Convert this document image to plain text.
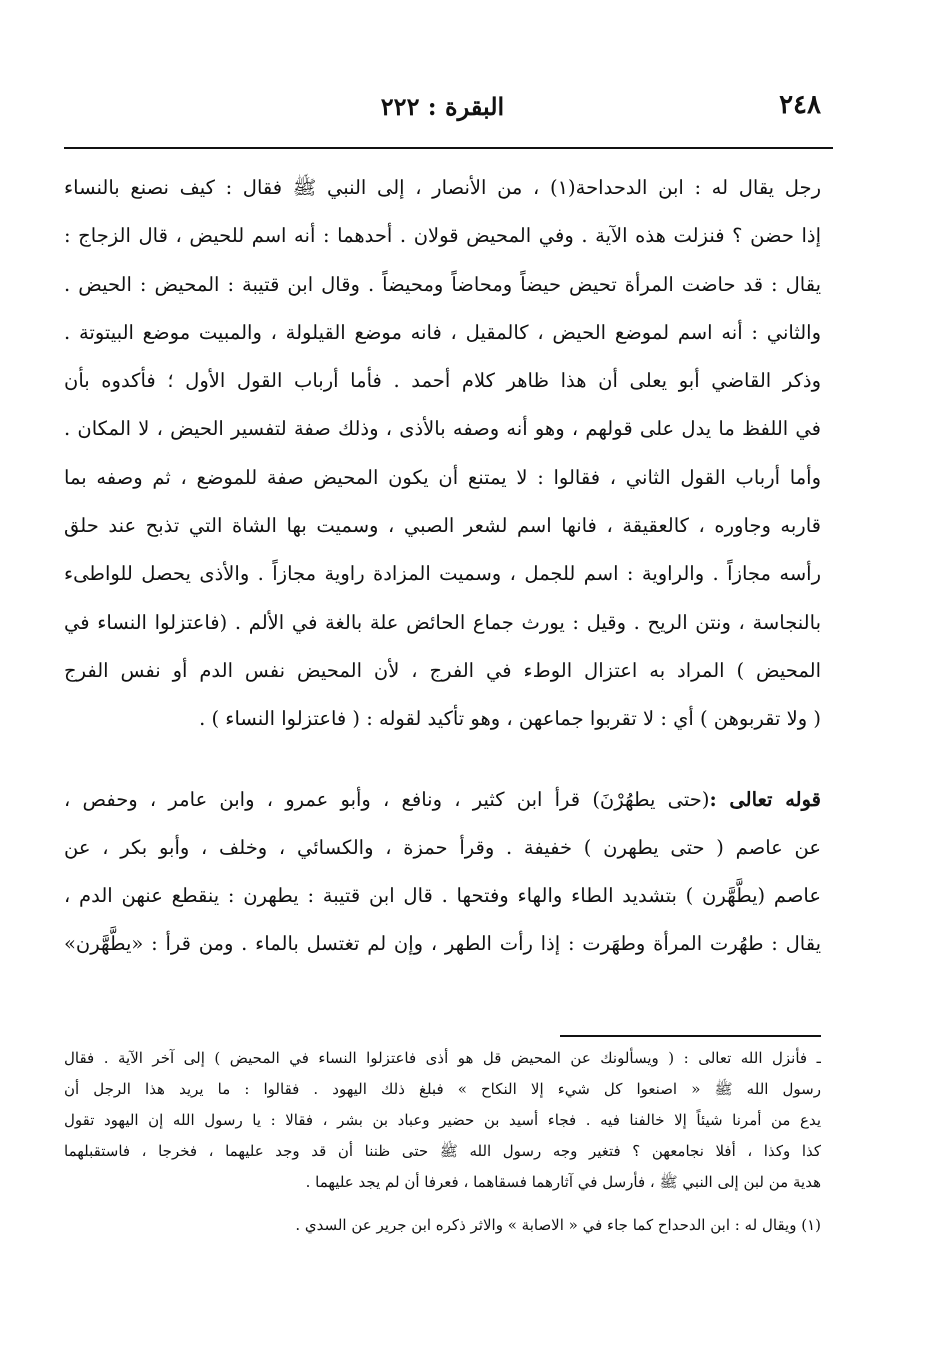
٢٤٨
البقرة : ٢٢٢
رجل يقال له : ابن الدحداحة(١) ، من الأنصار ، إلى النبي ﷺ فقال : كيف نصنع بالنساء
إذا حضن ؟ فنزلت هذه الآية . وفي المحيض قولان . أحدهما : أنه اسم للحيض ، قال الزجاج :
يقال : قد حاضت المرأة تحيض حيضاً ومحاضاً ومحيضاً . وقال ابن قتيبة : المحيض : الحيض .
والثاني : أنه اسم لموضع الحيض ، كالمقيل ، فانه موضع القيلولة ، والمبيت موضع البيتوتة .
وذكر القاضي أبو يعلى أن هذا ظاهر كلام أحمد . فأما أرباب القول الأول ؛ فأكدوه بأن
في اللفظ ما يدل على قولهم ، وهو أنه وصفه بالأذى ، وذلك صفة لتفسير الحيض ، لا المكان .
وأما أرباب القول الثاني ، فقالوا : لا يمتنع أن يكون المحيض صفة للموضع ، ثم وصفه بما
قاربه وجاوره ، كالعقيقة ، فانها اسم لشعر الصبي ، وسميت بها الشاة التي تذبح عند حلق
رأسه مجازاً . والراوية : اسم للجمل ، وسميت المزادة راوية مجازاً . والأذى يحصل للواطىء
بالنجاسة ، ونتن الريح . وقيل : يورث جماع الحائض علة بالغة في الألم . (فاعتزلوا النساء في
المحيض ) المراد به اعتزال الوطء في الفرج ، لأن المحيض نفس الدم أو نفس الفرج
( ولا تقربوهن ) أي : لا تقربوا جماعهن ، وهو تأكيد لقوله : ( فاعتزلوا النساء ) .
قوله تعالى :(حتى يطهُرْنَ) قرأ ابن كثير ، ونافع ، وأبو عمرو ، وابن عامر ، وحفص ،
عن عاصم ( حتى يطهرن ) خفيفة . وقرأ حمزة ، والكسائي ، وخلف ، وأبو بكر ، عن
عاصم (يطَّهَّرن ) بتشديد الطاء والهاء وفتحها . قال ابن قتيبة : يطهرن : ينقطع عنهن الدم ،
يقال : طهُرت المرأة وطهَرت : إذا رأت الطهر ، وإن لم تغتسل بالماء . ومن قرأ : «يطَّهَّرن»
ـ فأنزل الله تعالى : ( ويسألونك عن المحيض قل هو أذى فاعتزلوا النساء في المحيض ) إلى آخر الآية . فقال
رسول الله ﷺ « اصنعوا كل شيء إلا النكاح » فبلغ ذلك اليهود . فقالوا : ما يريد هذا الرجل أن
يدع من أمرنا شيئاً إلا خالفنا فيه . فجاء أسيد بن حضير وعباد بن بشر ، فقالا : يا رسول الله إن اليهود تقول
كذا وكذا ، أفلا نجامعهن ؟ فتغير وجه رسول الله ﷺ حتى ظننا أن قد وجد عليهما ، فخرجا ، فاستقبلهما
هدية من لبن إلى النبي ﷺ ، فأرسل في آثارهما فسقاهما ، فعرفا أن لم يجد عليهما .
(١) ويقال له : ابن الدحداح كما جاء في « الاصابة » والاثر ذكره ابن جرير عن السدي .
